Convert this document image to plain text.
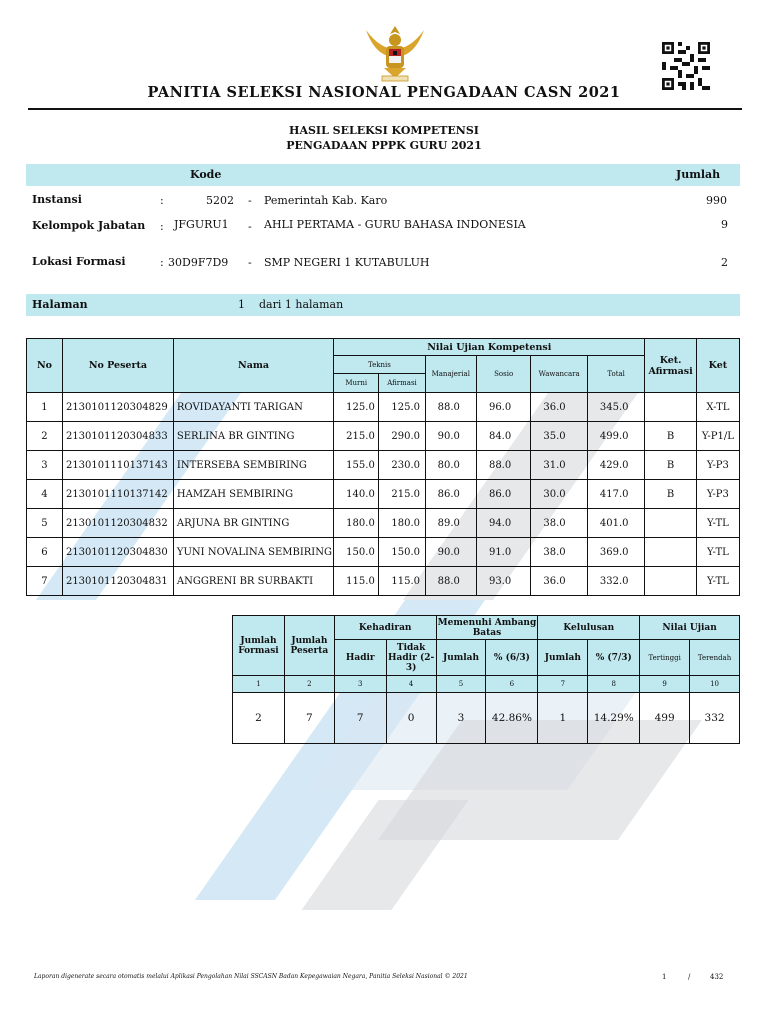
PANITIA SELEKSI NASIONAL PENGADAAN CASN 2021
HASIL SELEKSI KOMPETENSI
PENGADAAN PPPK GURU 2021
Kode	Jumlah
Instansi	:	5202 - Pemerintah Kab. Karo	990
Kelompok Jabatan : JFGURU1 - AHLI PERTAMA - GURU BAHASA INDONESIA	9
Lokasi Formasi	: 30D9F7D9 - SMP NEGERI 1 KUTABULUH	2
Halaman	1 dari 1 halaman
No	No Peserta	Nama	Nilai Ujian Kompetensi						Ket. Afirmasi	Ket
			Teknis		Manajerial	Sosio	Wawancara	Total		
			Murni	Afirmasi						
1	2130101120304829	ROVIDAYANTI TARIGAN	125.0	125.0	88.0	96.0	36.0	345.0		X-TL
2	2130101120304833	SERLINA BR GINTING	215.0	290.0	90.0	84.0	35.0	499.0	B	Y-P1/L
3	2130101110137143	INTERSEBA SEMBIRING	155.0	230.0	80.0	88.0	31.0	429.0	B	Y-P3
4	2130101110137142	HAMZAH SEMBIRING	140.0	215.0	86.0	86.0	30.0	417.0	B	Y-P3
5	2130101120304832	ARJUNA BR GINTING	180.0	180.0	89.0	94.0	38.0	401.0		Y-TL
6	2130101120304830	YUNI NOVALINA SEMBIRING	150.0	150.0	90.0	91.0	38.0	369.0		Y-TL
7	2130101120304831	ANGGRENI BR SURBAKTI	115.0	115.0	88.0	93.0	36.0	332.0		Y-TL
Jumlah Formasi	Jumlah Peserta	Kehadiran		Memenuhi Ambang Batas		Kelulusan		Nilai Ujian	
		Hadir	Tidak Hadir (2-3)	Jumlah	% (6/3)	Jumlah	% (7/3)	Tertinggi	Terendah
1	2	3	4	5	6	7	8	9	10
2	7	7	0	3	42.86%	1	14.29%	499	332
Laporan digenerate secara otomatis melalui Aplikasi Pengolahan Nilai SSCASN Badan Kepegawaian Negara, Panitia Seleksi Nasional © 2021	1	/	432
